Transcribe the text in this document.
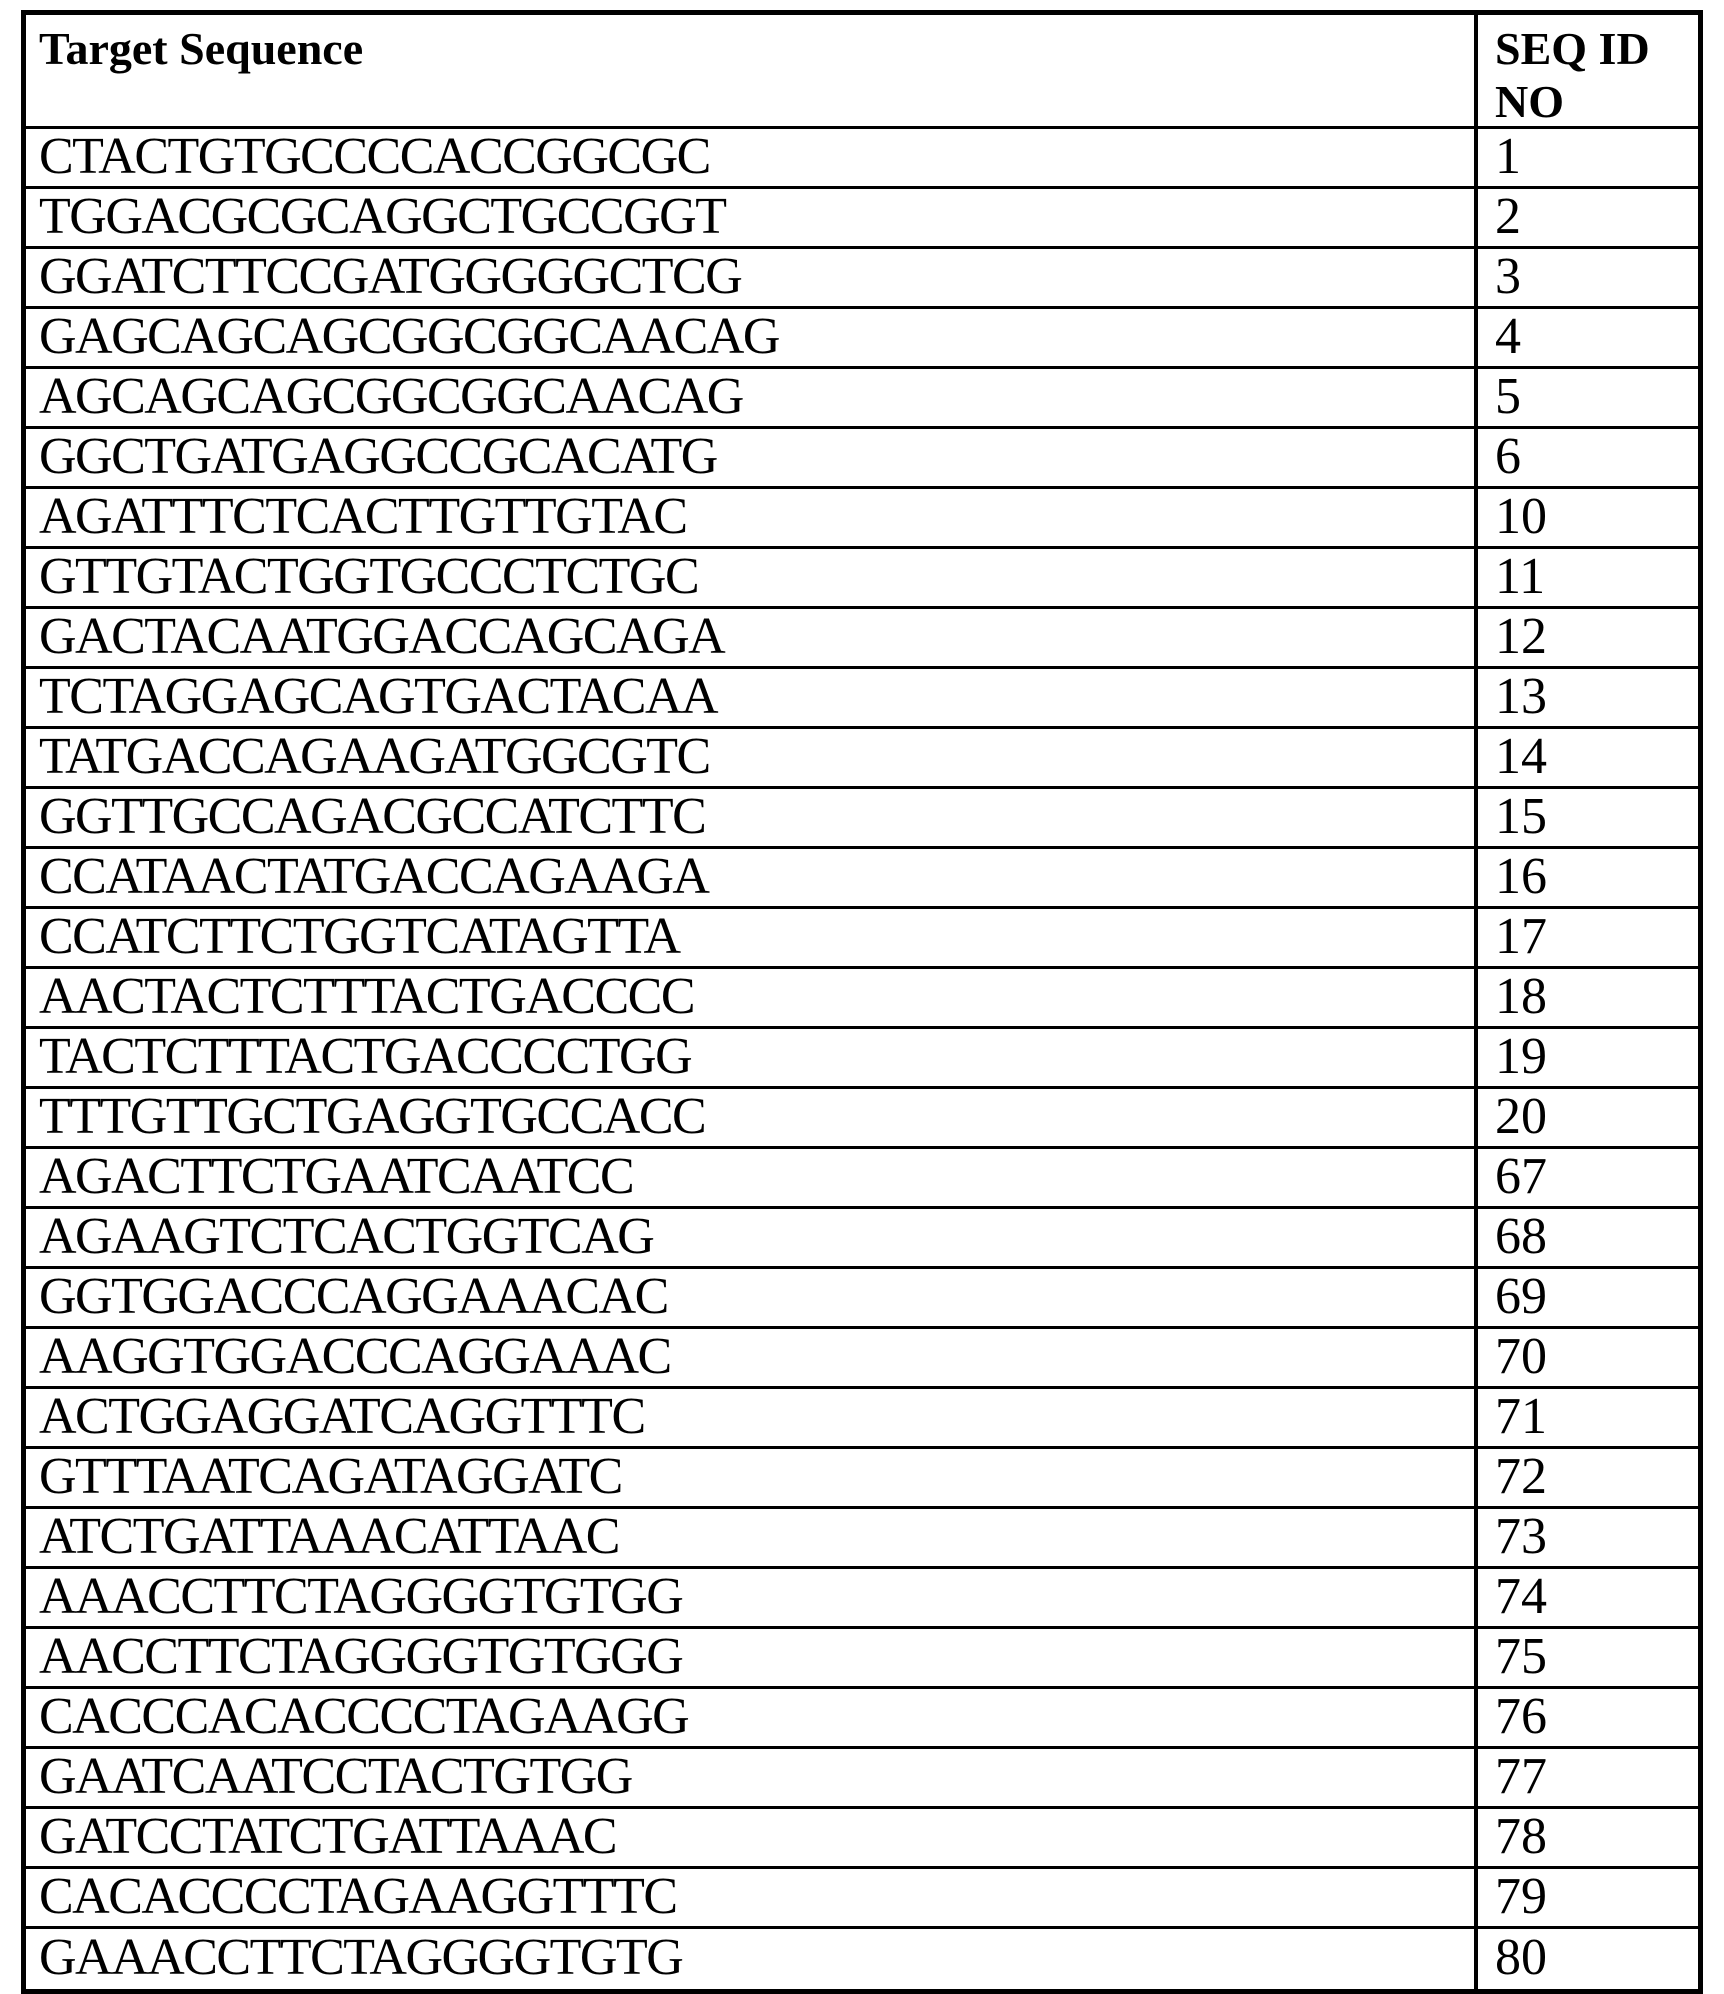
Target Sequence	SEQ ID NO
CTACTGTGCCCCACCGGCGC	1
TGGACGCGCAGGCTGCCGGT	2
GGATCTTCCGATGGGGGCTCG	3
GAGCAGCAGCGGCGGCAACAG	4
AGCAGCAGCGGCGGCAACAG	5
GGCTGATGAGGCCGCACATG	6
AGATTTCTCACTTGTTGTAC	10
GTTGTACTGGTGCCCTCTGC	11
GACTACAATGGACCAGCAGA	12
TCTAGGAGCAGTGACTACAA	13
TATGACCAGAAGATGGCGTC	14
GGTTGCCAGACGCCATCTTC	15
CCATAACTATGACCAGAAGA	16
CCATCTTCTGGTCATAGTTA	17
AACTACTCTTTACTGACCCC	18
TACTCTTTACTGACCCCTGG	19
TTTGTTGCTGAGGTGCCACC	20
AGACTTCTGAATCAATCC	67
AGAAGTCTCACTGGTCAG	68
GGTGGACCCAGGAAACAC	69
AAGGTGGACCCAGGAAAC	70
ACTGGAGGATCAGGTTTC	71
GTTTAATCAGATAGGATC	72
ATCTGATTAAACATTAAC	73
AAACCTTCTAGGGGTGTGG	74
AACCTTCTAGGGGTGTGGG	75
CACCCACACCCCTAGAAGG	76
GAATCAATCCTACTGTGG	77
GATCCTATCTGATTAAAC	78
CACACCCCTAGAAGGTTTC	79
GAAACCTTCTAGGGGTGTG	80
